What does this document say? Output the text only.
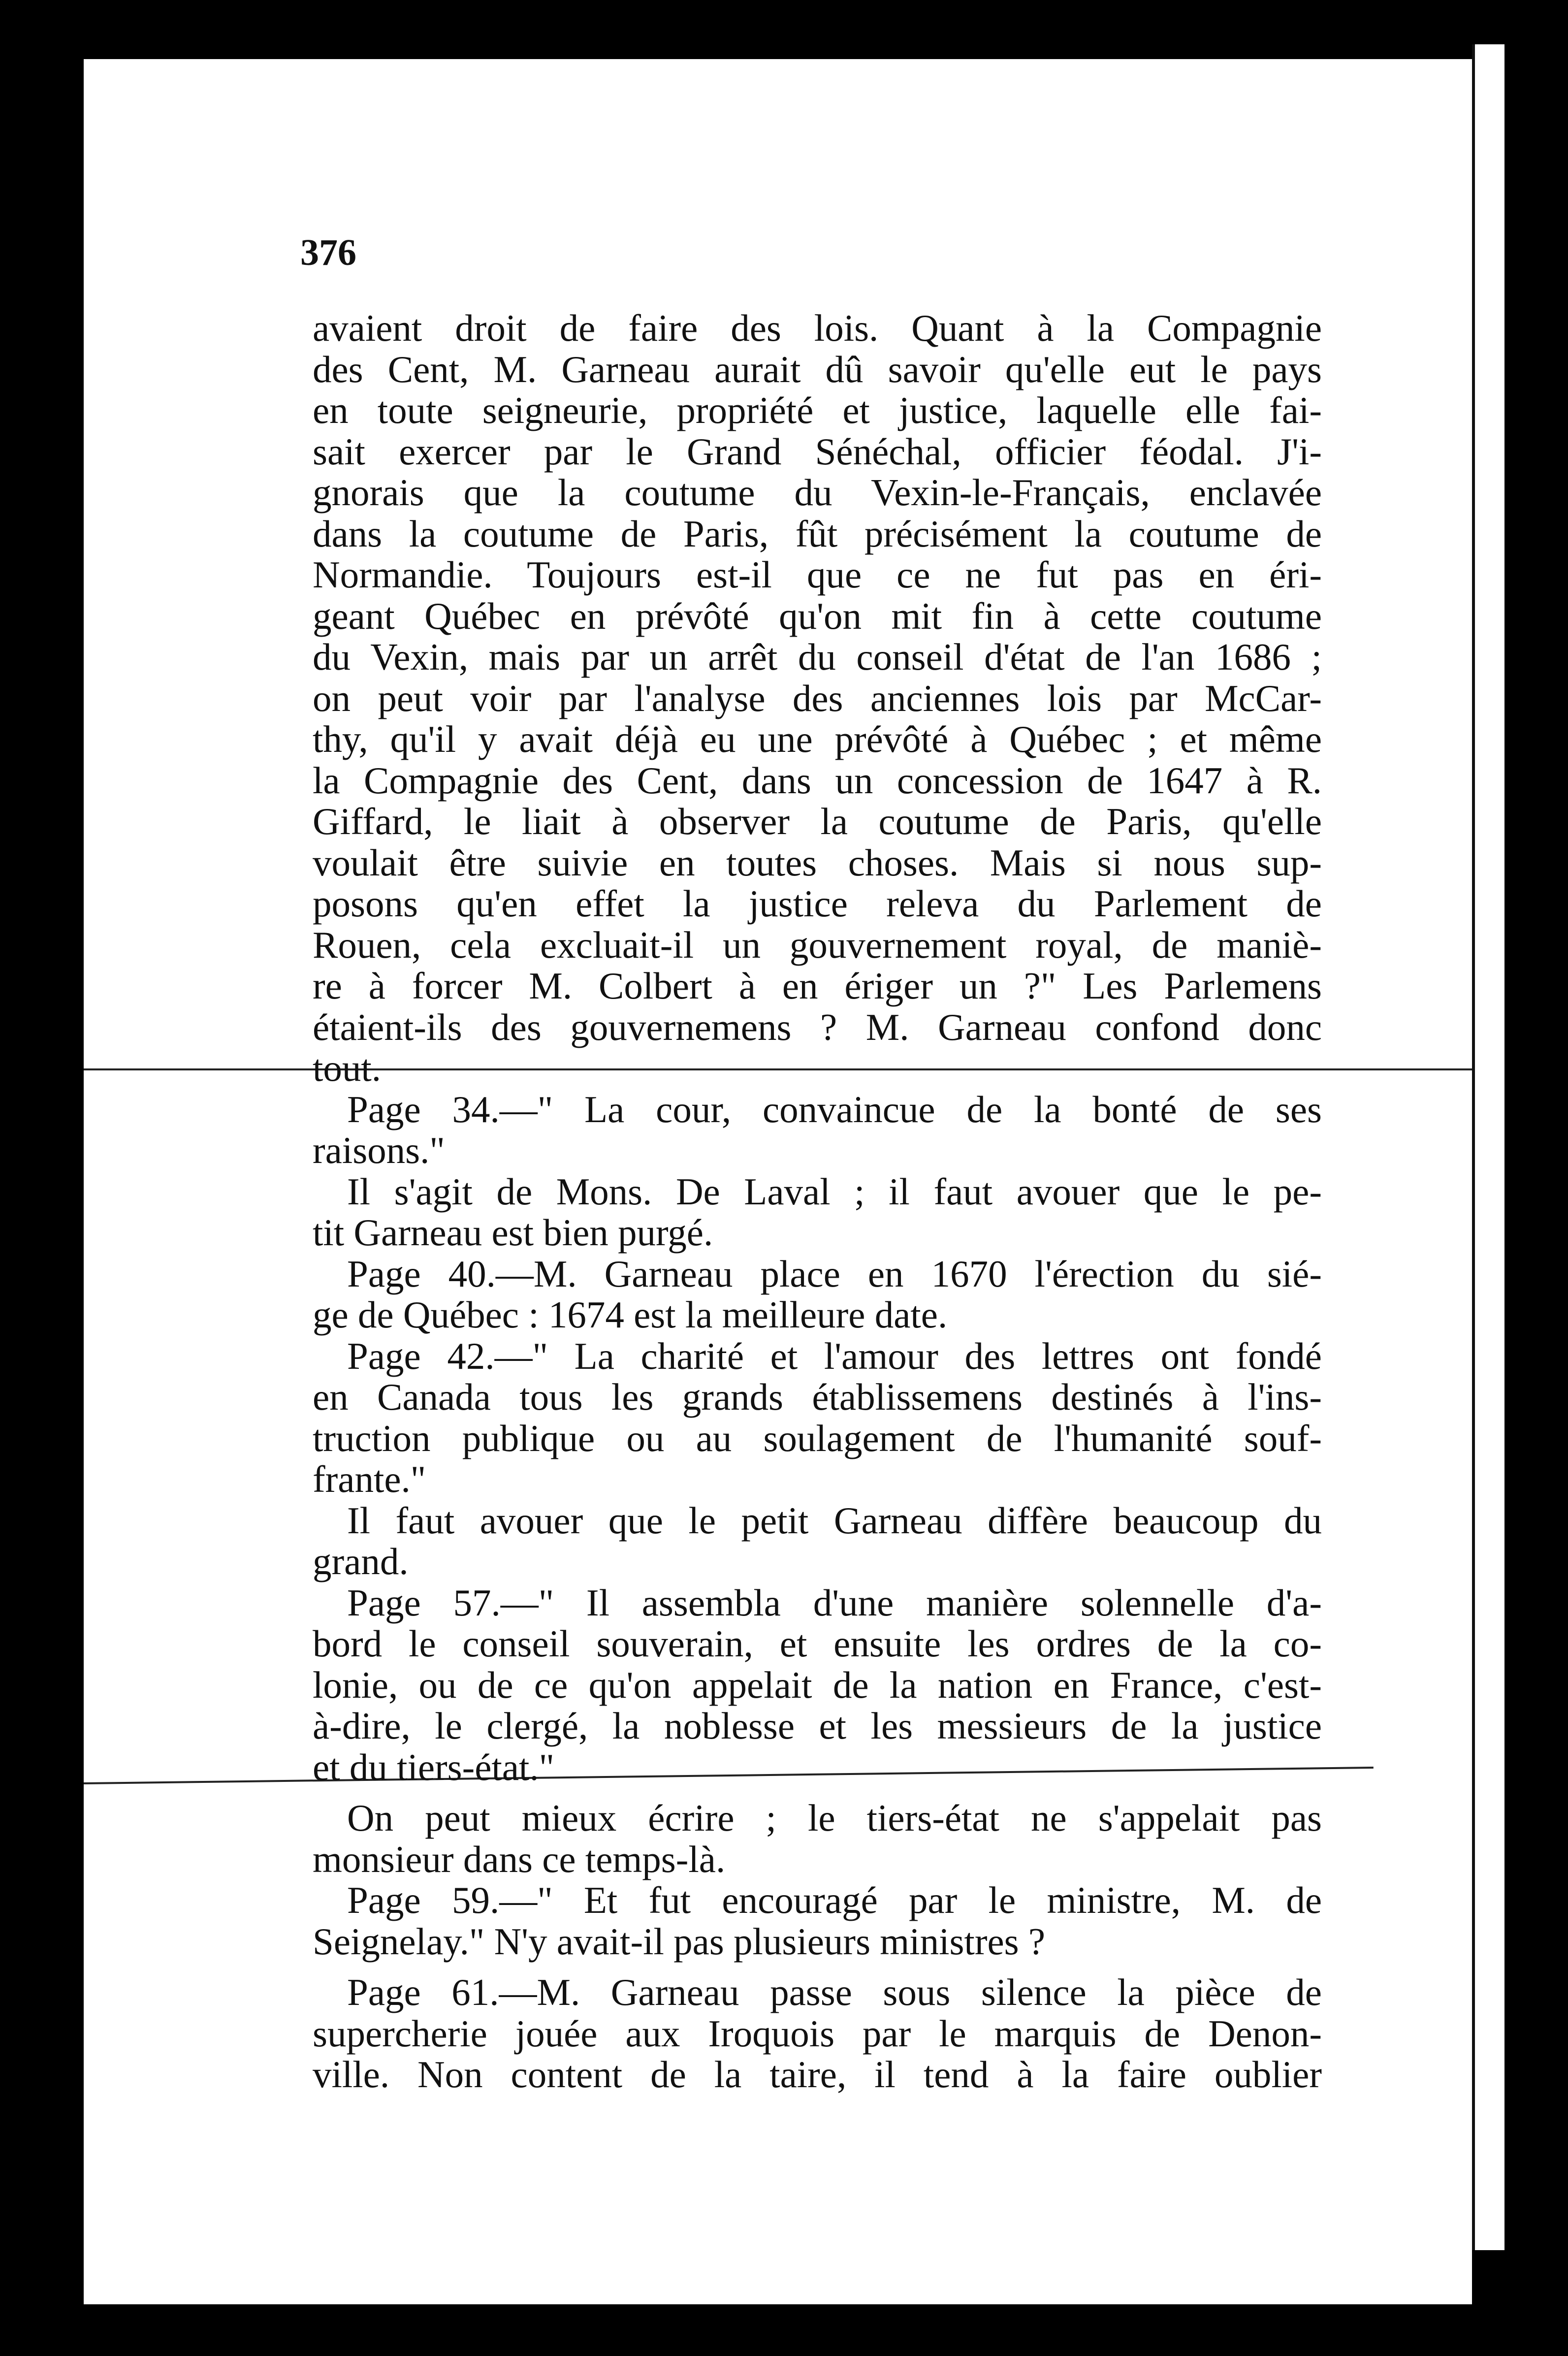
376
avaient droit de faire des lois. Quant à la Compagnie
des Cent, M. Garneau aurait dû savoir qu'elle eut le pays
en toute seigneurie, propriété et justice, laquelle elle fai-
sait exercer par le Grand Sénéchal, officier féodal. J'i-
gnorais que la coutume du Vexin-le-Français, enclavée
dans la coutume de Paris, fût précisément la coutume de
Normandie. Toujours est-il que ce ne fut pas en éri-
geant Québec en prévôté qu'on mit fin à cette coutume
du Vexin, mais par un arrêt du conseil d'état de l'an 1686 ;
on peut voir par l'analyse des anciennes lois par McCar-
thy, qu'il y avait déjà eu une prévôté à Québec ; et même
la Compagnie des Cent, dans un concession de 1647 à R.
Giffard, le liait à observer la coutume de Paris, qu'elle
voulait être suivie en toutes choses. Mais si nous sup-
posons qu'en effet la justice releva du Parlement de
Rouen, cela excluait-il un gouvernement royal, de maniè-
re à forcer M. Colbert à en ériger un ?" Les Parlemens
étaient-ils des gouvernemens ? M. Garneau confond donc
tout.
Page 34.—" La cour, convaincue de la bonté de ses
raisons."
Il s'agit de Mons. De Laval ; il faut avouer que le pe-
tit Garneau est bien purgé.
Page 40.—M. Garneau place en 1670 l'érection du sié-
ge de Québec : 1674 est la meilleure date.
Page 42.—" La charité et l'amour des lettres ont fondé
en Canada tous les grands établissemens destinés à l'ins-
truction publique ou au soulagement de l'humanité souf-
frante."
Il faut avouer que le petit Garneau diffère beaucoup du
grand.
Page 57.—" Il assembla d'une manière solennelle d'a-
bord le conseil souverain, et ensuite les ordres de la co-
lonie, ou de ce qu'on appelait de la nation en France, c'est-
à-dire, le clergé, la noblesse et les messieurs de la justice
et du tiers-état."
On peut mieux écrire ; le tiers-état ne s'appelait pas
monsieur dans ce temps-là.
Page 59.—" Et fut encouragé par le ministre, M. de
Seignelay." N'y avait-il pas plusieurs ministres ?
Page 61.—M. Garneau passe sous silence la pièce de
supercherie jouée aux Iroquois par le marquis de Denon-
ville. Non content de la taire, il tend à la faire oublier
